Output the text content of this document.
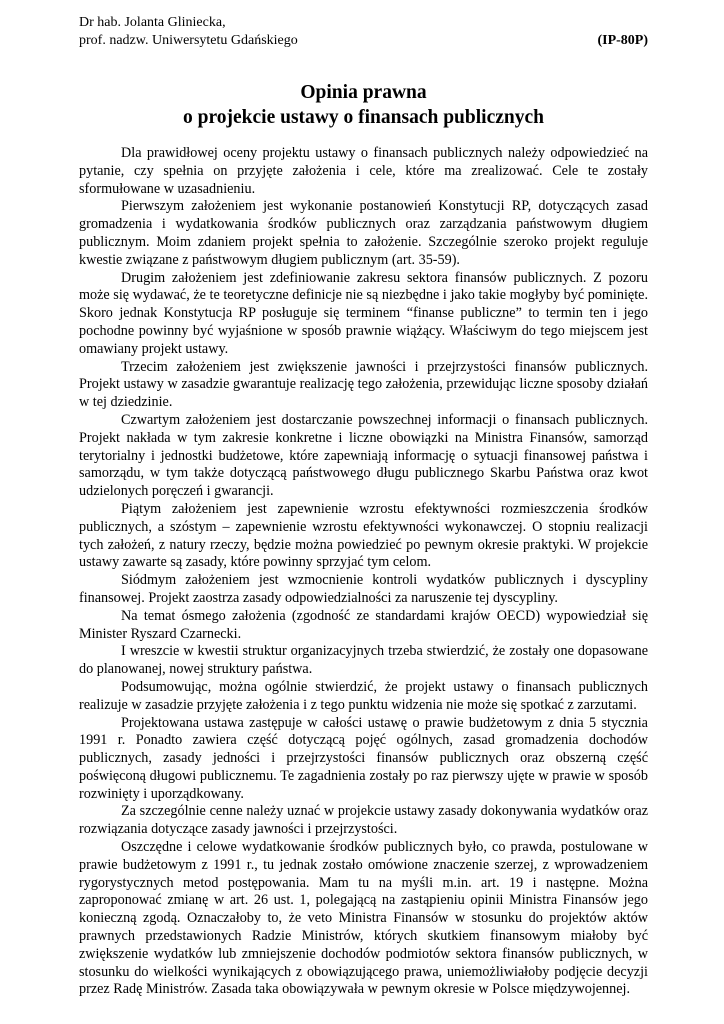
Dr hab. Jolanta Gliniecka,
prof. nadzw. Uniwersytetu Gdańskiego	(IP-80P)
Opinia prawna
o projekcie ustawy o finansach publicznych

Dla prawidłowej oceny projektu ustawy o finansach publicznych należy odpowiedzieć na pytanie, czy spełnia on przyjęte założenia i cele, które ma zrealizować. Cele te zostały sformułowane w uzasadnieniu.

Pierwszym założeniem jest wykonanie postanowień Konstytucji RP, dotyczących zasad gromadzenia i wydatkowania środków publicznych oraz zarządzania państwowym długiem publicznym. Moim zdaniem projekt spełnia to założenie. Szczególnie szeroko projekt reguluje kwestie związane z państwowym długiem publicznym (art. 35-59).

Drugim założeniem jest zdefiniowanie zakresu sektora finansów publicznych. Z pozoru może się wydawać, że te teoretyczne definicje nie są niezbędne i jako takie mogłyby być pominięte. Skoro jednak Konstytucja RP posługuje się terminem “finanse publiczne” to termin ten i jego pochodne powinny być wyjaśnione w sposób prawnie wiążący. Właściwym do tego miejscem jest omawiany projekt ustawy.

Trzecim założeniem jest zwiększenie jawności i przejrzystości finansów publicznych. Projekt ustawy w zasadzie gwarantuje realizację tego założenia, przewidując liczne sposoby działań w tej dziedzinie.

Czwartym założeniem jest dostarczanie powszechnej informacji o finansach publicznych. Projekt nakłada w tym zakresie konkretne i liczne obowiązki na Ministra Finansów, samorząd terytorialny i jednostki budżetowe, które zapewniają informację o sytuacji finansowej państwa i samorządu, w tym także dotyczącą państwowego długu publicznego Skarbu Państwa oraz kwot udzielonych poręczeń i gwarancji.

Piątym założeniem jest zapewnienie wzrostu efektywności rozmieszczenia środków publicznych, a szóstym – zapewnienie wzrostu efektywności wykonawczej. O stopniu realizacji tych założeń, z natury rzeczy, będzie można powiedzieć po pewnym okresie praktyki. W projekcie ustawy zawarte są zasady, które powinny sprzyjać tym celom.

Siódmym założeniem jest wzmocnienie kontroli wydatków publicznych i dyscypliny finansowej. Projekt zaostrza zasady odpowiedzialności za naruszenie tej dyscypliny.

Na temat ósmego założenia (zgodność ze standardami krajów OECD) wypowiedział się Minister Ryszard Czarnecki.

I wreszcie w kwestii struktur organizacyjnych trzeba stwierdzić, że zostały one dopasowane do planowanej, nowej struktury państwa.

Podsumowując, można ogólnie stwierdzić, że projekt ustawy o finansach publicznych realizuje w zasadzie przyjęte założenia i z tego punktu widzenia nie może się spotkać z zarzutami.

Projektowana ustawa zastępuje w całości ustawę o prawie budżetowym z dnia 5 stycznia 1991 r. Ponadto zawiera część dotyczącą pojęć ogólnych, zasad gromadzenia dochodów publicznych, zasady jedności i przejrzystości finansów publicznych oraz obszerną część poświęconą długowi publicznemu. Te zagadnienia zostały po raz pierwszy ujęte w prawie w sposób rozwinięty i uporządkowany.

Za szczególnie cenne należy uznać w projekcie ustawy zasady dokonywania wydatków oraz rozwiązania dotyczące zasady jawności i przejrzystości.

Oszczędne i celowe wydatkowanie środków publicznych było, co prawda, postulowane w prawie budżetowym z 1991 r., tu jednak zostało omówione znaczenie szerzej, z wprowadzeniem rygorystycznych metod postępowania. Mam tu na myśli m.in. art. 19 i następne. Można zaproponować zmianę w art. 26 ust. 1, polegającą na zastąpieniu opinii Ministra Finansów jego konieczną zgodą. Oznaczałoby to, że veto Ministra Finansów w stosunku do projektów aktów prawnych przedstawionych Radzie Ministrów, których skutkiem finansowym miałoby być zwiększenie wydatków lub zmniejszenie dochodów podmiotów sektora finansów publicznych, w stosunku do wielkości wynikających z obowiązującego prawa, uniemożliwiałoby podjęcie decyzji przez Radę Ministrów. Zasada taka obowiązywała w pewnym okresie w Polsce międzywojennej.
